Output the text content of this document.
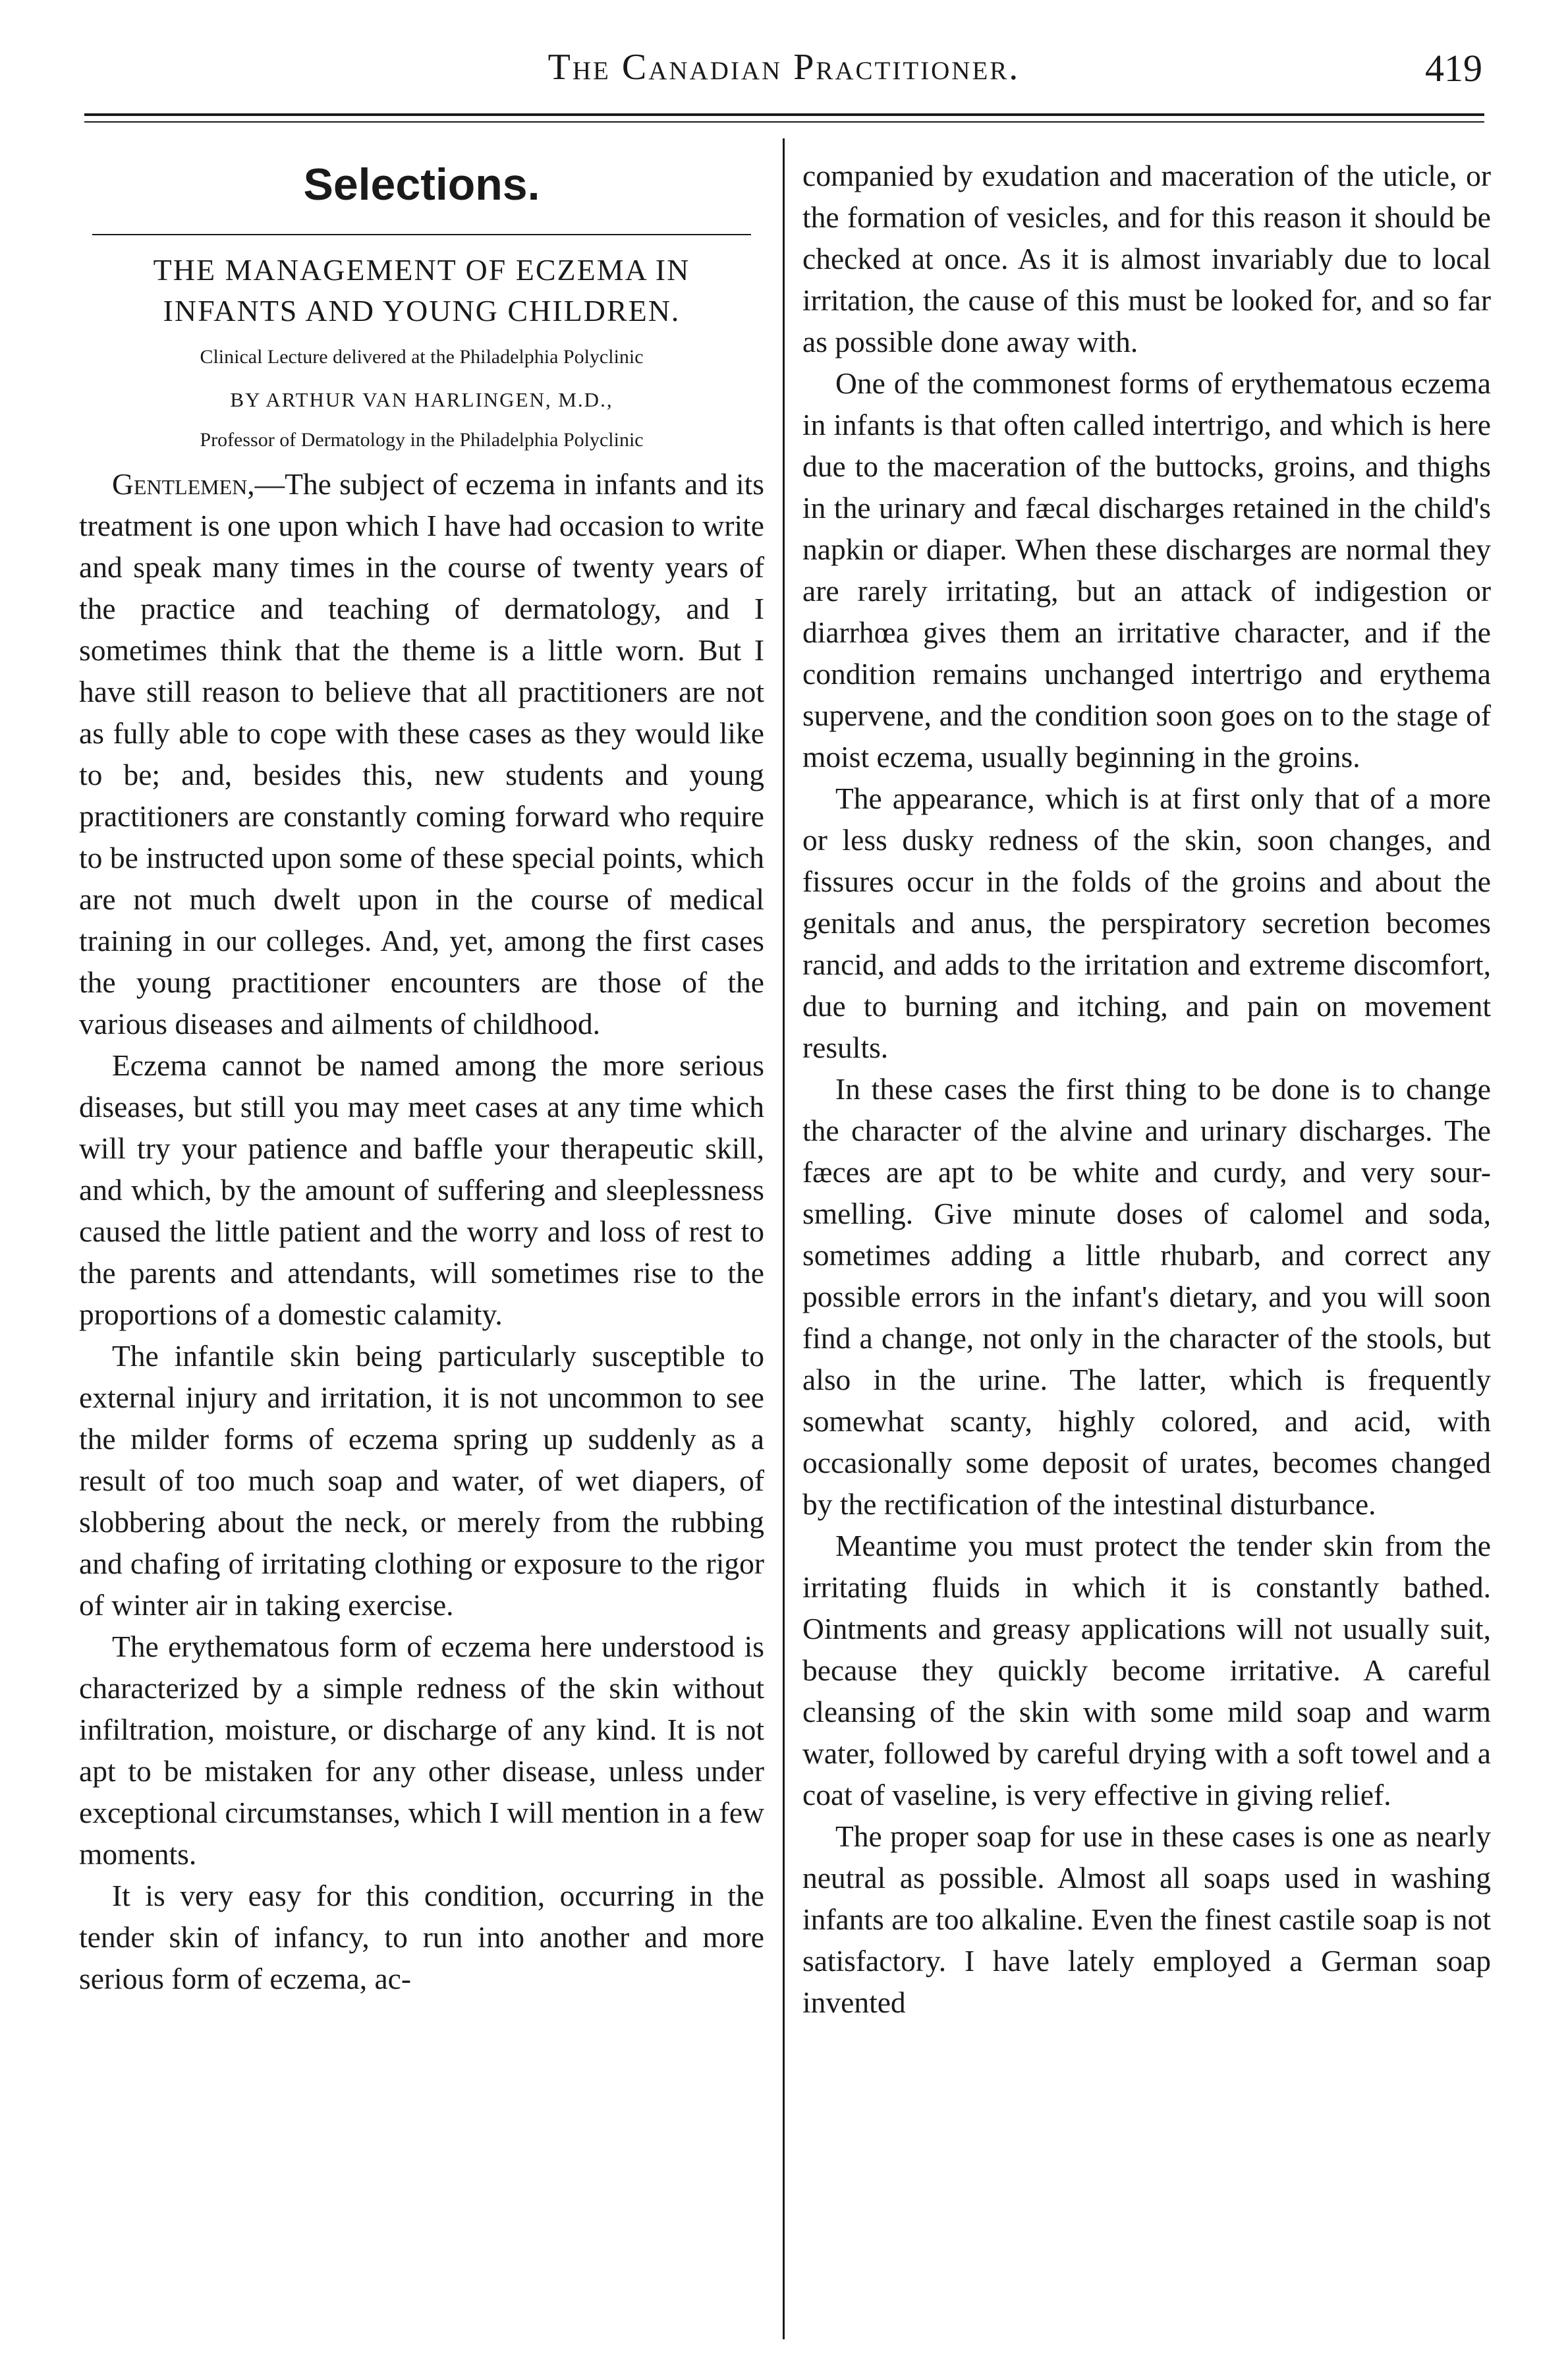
The Canadian Practitioner.	419
Selections.
THE MANAGEMENT OF ECZEMA IN
INFANTS AND YOUNG CHILDREN.
Clinical Lecture delivered at the Philadelphia Polyclinic
BY ARTHUR VAN HARLINGEN, M.D.,
Professor of Dermatology in the Philadelphia Polyclinic

Gentlemen,—The subject of eczema in infants and its treatment is one upon which I have had occasion to write and speak many times in the course of twenty years of the practice and teaching of dermatology, and I sometimes think that the theme is a little worn. But I have still reason to believe that all practitioners are not as fully able to cope with these cases as they would like to be; and, besides this, new students and young practitioners are constantly coming forward who require to be instructed upon some of these special points, which are not much dwelt upon in the course of medical training in our colleges. And, yet, among the first cases the young practitioner encounters are those of the various diseases and ailments of childhood.

Eczema cannot be named among the more serious diseases, but still you may meet cases at any time which will try your patience and baffle your therapeutic skill, and which, by the amount of suffering and sleeplessness caused the little patient and the worry and loss of rest to the parents and attendants, will sometimes rise to the proportions of a domestic calamity.

The infantile skin being particularly susceptible to external injury and irritation, it is not uncommon to see the milder forms of eczema spring up suddenly as a result of too much soap and water, of wet diapers, of slobbering about the neck, or merely from the rubbing and chafing of irritating clothing or exposure to the rigor of winter air in taking exercise.

The erythematous form of eczema here understood is characterized by a simple redness of the skin without infiltration, moisture, or discharge of any kind. It is not apt to be mistaken for any other disease, unless under exceptional circumstanses, which I will mention in a few moments.

It is very easy for this condition, occurring in the tender skin of infancy, to run into another and more serious form of eczema, ac-

companied by exudation and maceration of the uticle, or the formation of vesicles, and for this reason it should be checked at once. As it is almost invariably due to local irritation, the cause of this must be looked for, and so far as possible done away with.

One of the commonest forms of erythematous eczema in infants is that often called intertrigo, and which is here due to the maceration of the buttocks, groins, and thighs in the urinary and fæcal discharges retained in the child's napkin or diaper. When these discharges are normal they are rarely irritating, but an attack of indigestion or diarrhœa gives them an irritative character, and if the condition remains unchanged intertrigo and erythema supervene, and the condition soon goes on to the stage of moist eczema, usually beginning in the groins.

The appearance, which is at first only that of a more or less dusky redness of the skin, soon changes, and fissures occur in the folds of the groins and about the genitals and anus, the perspiratory secretion becomes rancid, and adds to the irritation and extreme discomfort, due to burning and itching, and pain on movement results.

In these cases the first thing to be done is to change the character of the alvine and urinary discharges. The fæces are apt to be white and curdy, and very sour-smelling. Give minute doses of calomel and soda, sometimes adding a little rhubarb, and correct any possible errors in the infant's dietary, and you will soon find a change, not only in the character of the stools, but also in the urine. The latter, which is frequently somewhat scanty, highly colored, and acid, with occasionally some deposit of urates, becomes changed by the rectification of the intestinal disturbance.

Meantime you must protect the tender skin from the irritating fluids in which it is constantly bathed. Ointments and greasy applications will not usually suit, because they quickly become irritative. A careful cleansing of the skin with some mild soap and warm water, followed by careful drying with a soft towel and a coat of vaseline, is very effective in giving relief.

The proper soap for use in these cases is one as nearly neutral as possible. Almost all soaps used in washing infants are too alkaline. Even the finest castile soap is not satisfactory. I have lately employed a German soap invented
